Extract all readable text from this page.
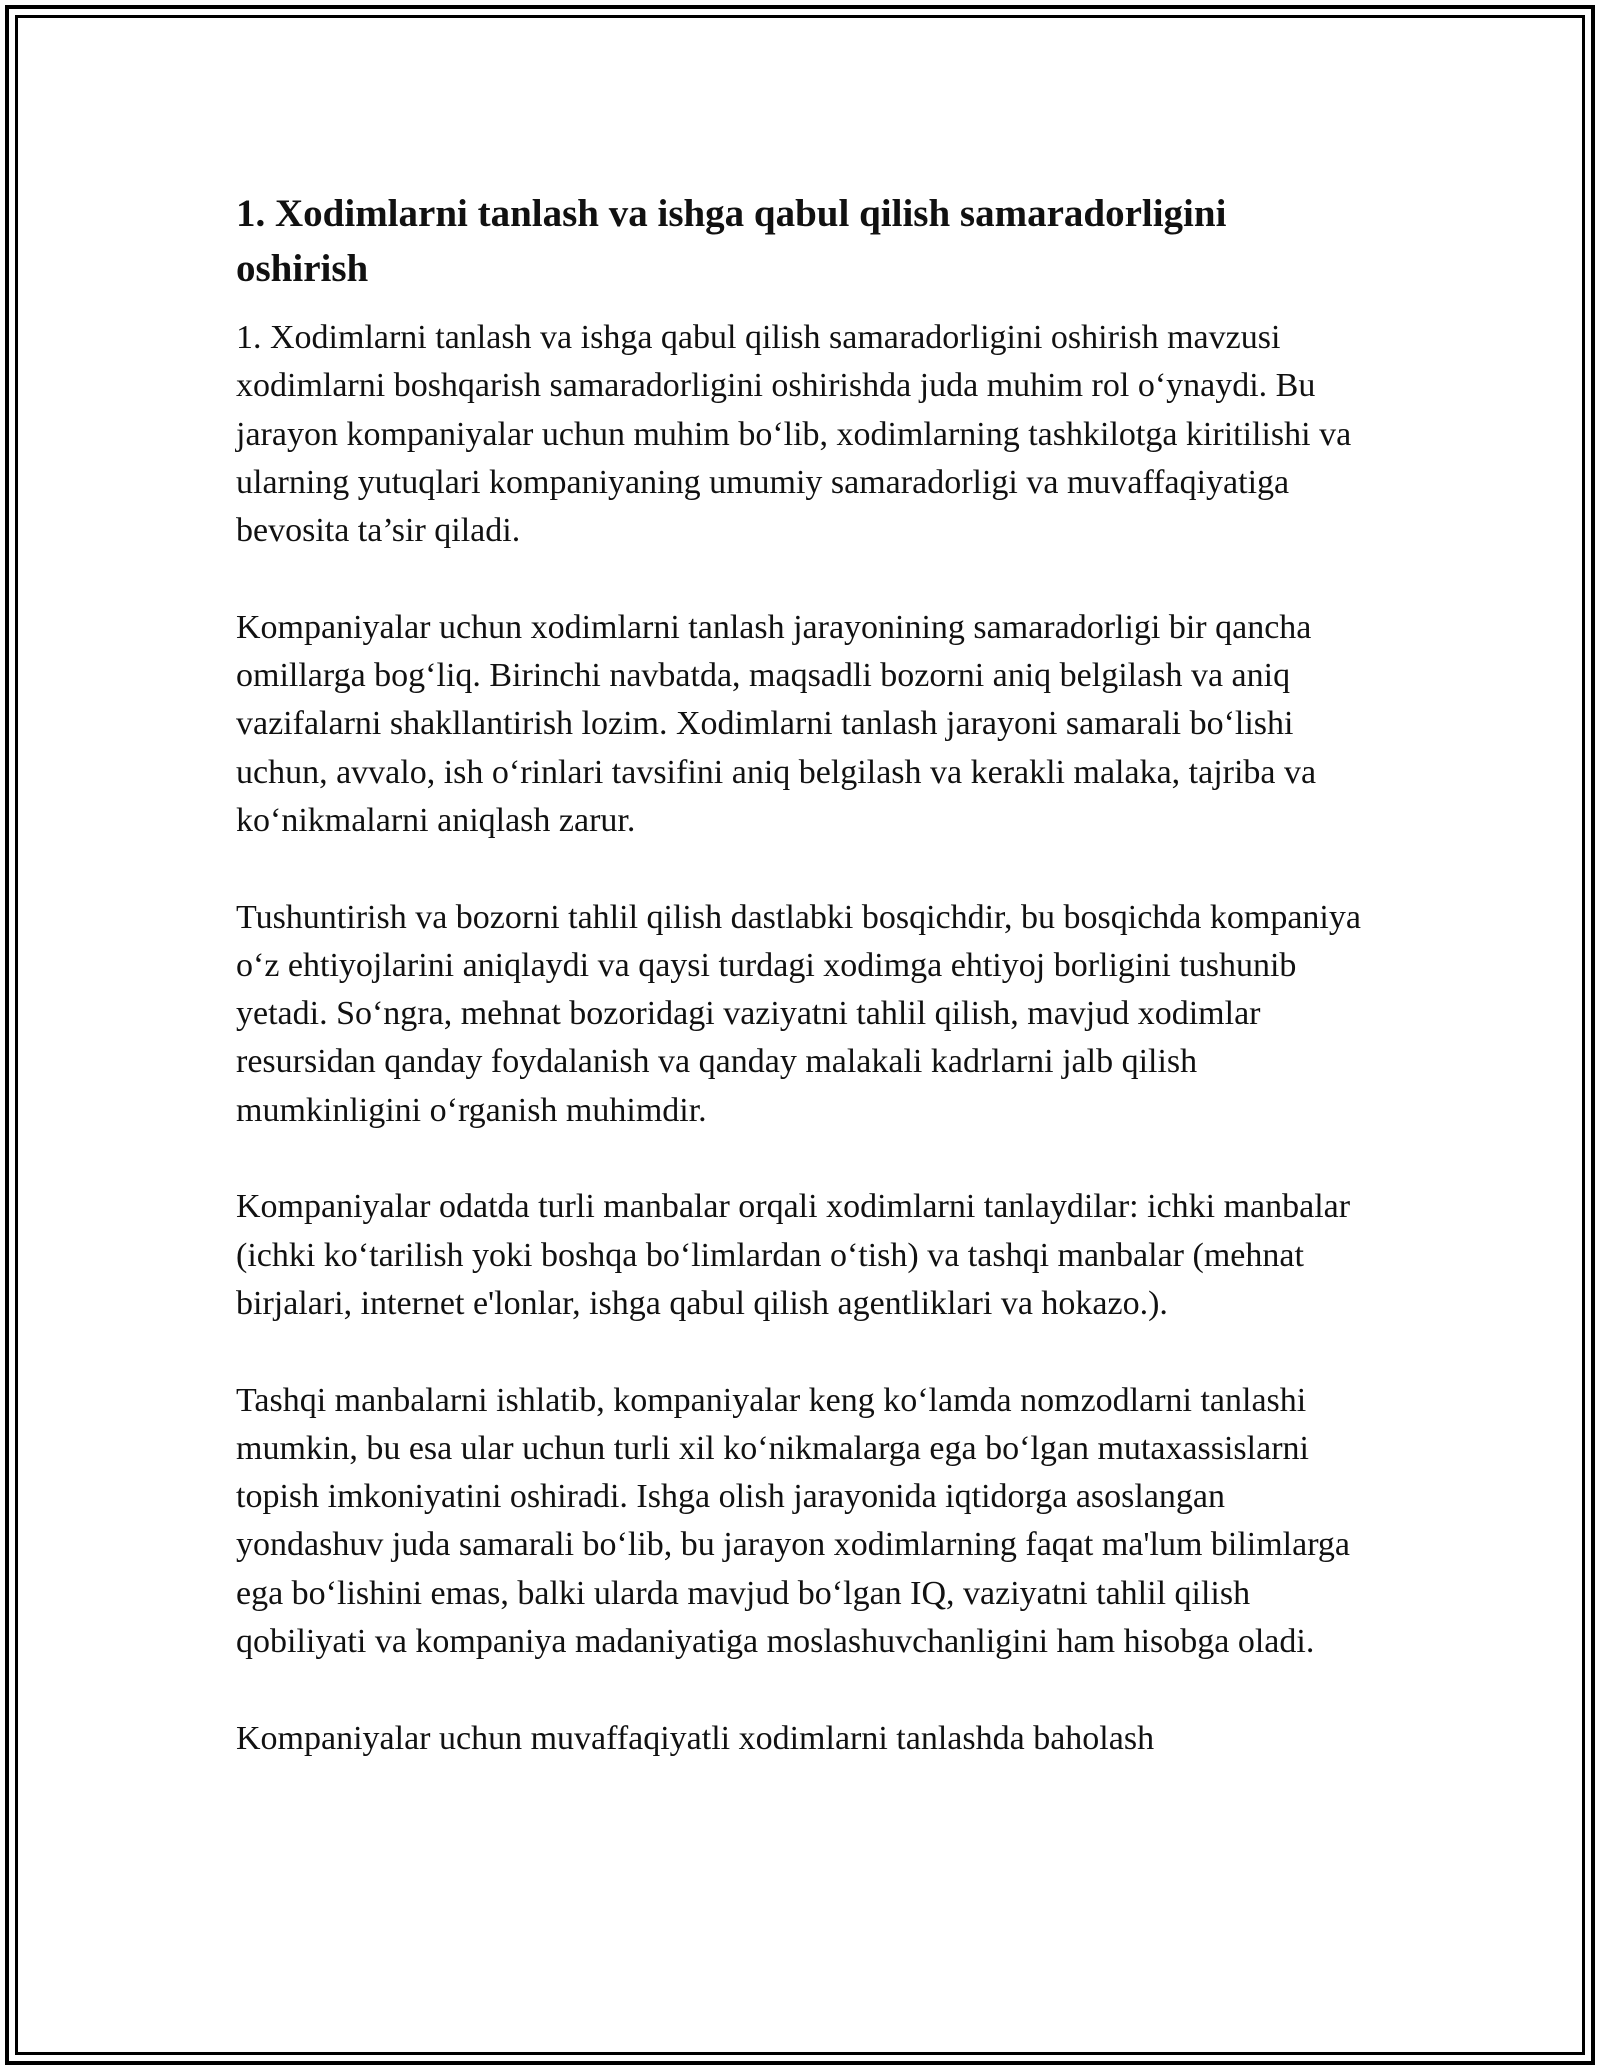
1. Xodimlarni tanlash va ishga qabul qilish samaradorligini oshirish

1. Xodimlarni tanlash va ishga qabul qilish samaradorligini oshirish mavzusi xodimlarni boshqarish samaradorligini oshirishda juda muhim rol o‘ynaydi. Bu jarayon kompaniyalar uchun muhim bo‘lib, xodimlarning tashkilotga kiritilishi va ularning yutuqlari kompaniyaning umumiy samaradorligi va muvaffaqiyatiga bevosita ta’sir qiladi.

Kompaniyalar uchun xodimlarni tanlash jarayonining samaradorligi bir qancha omillarga bog‘liq. Birinchi navbatda, maqsadli bozorni aniq belgilash va aniq vazifalarni shakllantirish lozim. Xodimlarni tanlash jarayoni samarali bo‘lishi uchun, avvalo, ish o‘rinlari tavsifini aniq belgilash va kerakli malaka, tajriba va ko‘nikmalarni aniqlash zarur.

Tushuntirish va bozorni tahlil qilish dastlabki bosqichdir, bu bosqichda kompaniya o‘z ehtiyojlarini aniqlaydi va qaysi turdagi xodimga ehtiyoj borligini tushunib yetadi. So‘ngra, mehnat bozoridagi vaziyatni tahlil qilish, mavjud xodimlar resursidan qanday foydalanish va qanday malakali kadrlarni jalb qilish mumkinligini o‘rganish muhimdir.

Kompaniyalar odatda turli manbalar orqali xodimlarni tanlaydilar: ichki manbalar (ichki ko‘tarilish yoki boshqa bo‘limlardan o‘tish) va tashqi manbalar (mehnat birjalari, internet e'lonlar, ishga qabul qilish agentliklari va hokazo.).

Tashqi manbalarni ishlatib, kompaniyalar keng ko‘lamda nomzodlarni tanlashi mumkin, bu esa ular uchun turli xil ko‘nikmalarga ega bo‘lgan mutaxassislarni topish imkoniyatini oshiradi. Ishga olish jarayonida iqtidorga asoslangan yondashuv juda samarali bo‘lib, bu jarayon xodimlarning faqat ma'lum bilimlarga ega bo‘lishini emas, balki ularda mavjud bo‘lgan IQ, vaziyatni tahlil qilish qobiliyati va kompaniya madaniyatiga moslashuvchanligini ham hisobga oladi.

Kompaniyalar uchun muvaffaqiyatli xodimlarni tanlashda baholash
